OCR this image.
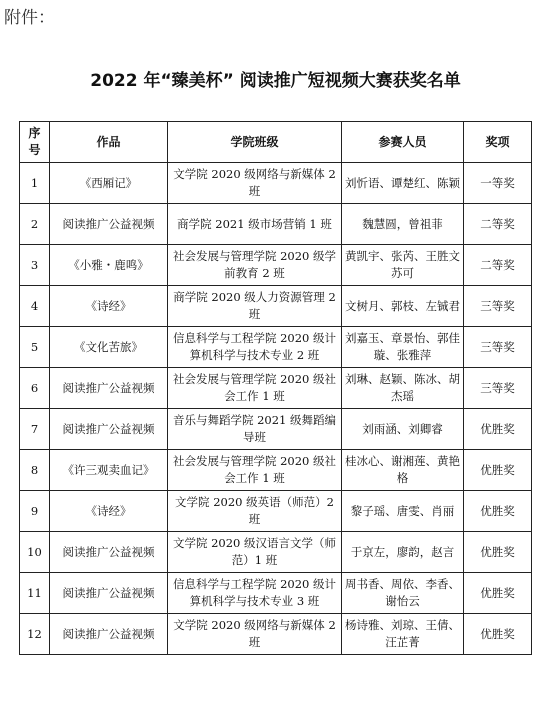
附件：
2022 年“臻美杯” 阅读推广短视频大赛获奖名单
序号	作品	学院班级	参赛人员	奖项
1	《西厢记》	文学院 2020 级网络与新媒体 2 班	刘忻语、谭楚红、陈颖	一等奖
2	阅读推广公益视频	商学院 2021 级市场营销 1 班	魏慧圆，曾祖菲	二等奖
3	《小雅・鹿鸣》	社会发展与管理学院 2020 级学前教育 2 班	黄凯宇、张芮、王胜文苏可	二等奖
4	《诗经》	商学院 2020 级人力资源管理 2 班	文树月、郭枝、左铖君	三等奖
5	《文化苦旅》	信息科学与工程学院 2020 级计算机科学与技术专业 2 班	刘嘉玉、章景怡、郭佳璇、张雅萍	三等奖
6	阅读推广公益视频	社会发展与管理学院 2020 级社会工作 1 班	刘琳、赵颖、陈冰、胡杰瑶	三等奖
7	阅读推广公益视频	音乐与舞蹈学院 2021 级舞蹈编导班	刘雨涵、刘卿睿	优胜奖
8	《许三观卖血记》	社会发展与管理学院 2020 级社会工作 1 班	桂冰心、谢湘莲、黄艳格	优胜奖
9	《诗经》	文学院 2020 级英语（师范）2 班	黎子瑶、唐雯、肖丽	优胜奖
10	阅读推广公益视频	文学院 2020 级汉语言文学（师范）1 班	于京左，廖韵，赵言	优胜奖
11	阅读推广公益视频	信息科学与工程学院 2020 级计算机科学与技术专业 3 班	周书香、周依、李香、谢怡云	优胜奖
12	阅读推广公益视频	文学院 2020 级网络与新媒体 2 班	杨诗雅、刘琼、王倩、汪芷菁	优胜奖
